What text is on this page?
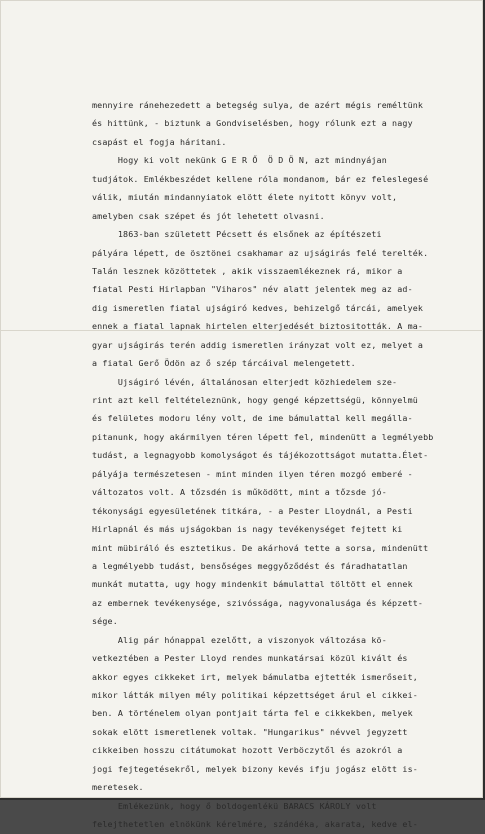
mennyire ránehezedett a betegség sulya, de azért mégis reméltünk
és hittünk, - biztunk a Gondviselésben, hogy rólunk ezt a nagy
csapást el fogja háritani.
Hogy ki volt nekünk G E R Ő  Ö D Ö N, azt mindnyájan
tudjátok. Emlékbeszédet kellene róla mondanom, bár ez feleslegesé
válik, miután mindannyiatok elött élete nyitott könyv volt,
amelyben csak szépet és jót lehetett olvasni.
1863-ban született Pécsett és elsőnek az építészeti
pályára lépett, de ösztönei csakhamar az ujságirás felé terelték.
Talán lesznek közöttetek , akik visszaemlékeznek rá, mikor a
fiatal Pesti Hirlapban "Viharos" név alatt jelentek meg az ad-
dig ismeretlen fiatal ujságiró kedves, behizelgő tárcái, amelyek
ennek a fiatal lapnak hirtelen elterjedését biztositották. A ma-
gyar ujságirás terén addig ismeretlen irányzat volt ez, melyet a
a fiatal Gerő Ödön az ő szép tárcáival melengetett.
Ujságiró lévén, általánosan elterjedt közhiedelem sze-
rint azt kell feltételeznünk, hogy gengé képzettségü, könnyelmü
és felületes modoru lény volt, de ime bámulattal kell megálla-
pitanunk, hogy akármilyen téren lépett fel, mindenütt a legmélyebb
tudást, a legnagyobb komolyságot és tájékozottságot mutatta.Élet-
pályája természetesen - mint minden ilyen téren mozgó emberé -
változatos volt. A tőzsdén is működött, mint a tőzsde jó-
tékonysági egyesületének titkára, - a Pester Lloydnál, a Pesti
Hirlapnál és más ujságokban is nagy tevékenységet fejtett ki
mint mübiráló és esztetikus. De akárhová tette a sorsa, mindenütt
a legmélyebb tudást, bensőséges meggyőződést és fáradhatatlan
munkát mutatta, ugy hogy mindenkit bámulattal töltött el ennek
az embernek tevékenysége, szivóssága, nagyvonalusága és képzett-
sége.
Alig pár hónappal ezelőtt, a viszonyok változása kö-
vetkeztében a Pester Lloyd rendes munkatársai közül kivált és
akkor egyes cikkeket irt, melyek bámulatba ejtették ismerőseit,
mikor látták milyen mély politikai képzettséget árul el cikkei-
ben. A történelem olyan pontjait tárta fel e cikkekben, melyek
sokak elött ismeretlenek voltak. "Hungarikus" névvel jegyzett
cikkeiben hosszu citátumokat hozott Verböczytől és azokról a
jogi fejtegetésekről, melyek bizony kevés ifju jogász elött is-
meretesek.
Emlékezünk, hogy ő boldogemlékü BARACS KÁROLY volt
felejthetetlen elnökünk kérelmére, szándéka, akarata, kedve el-
